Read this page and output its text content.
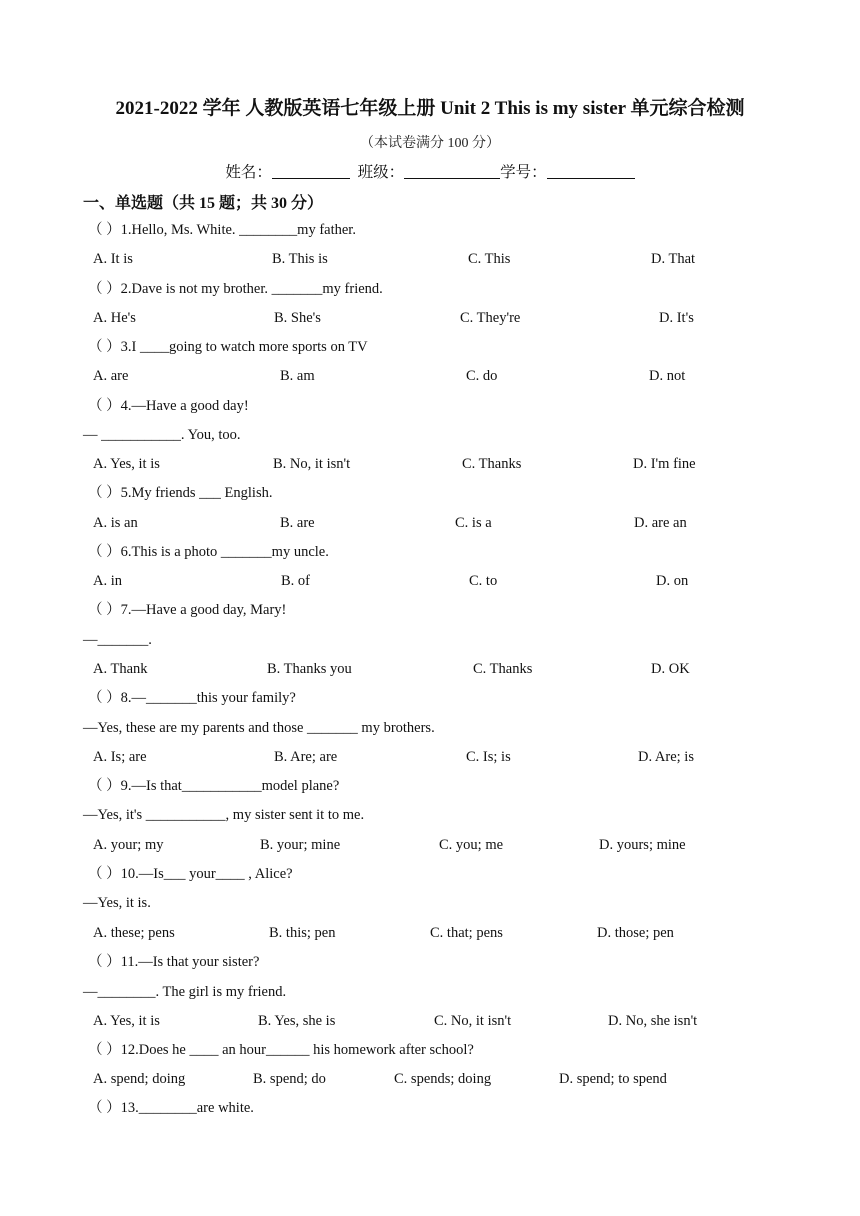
2021-2022 学年 人教版英语七年级上册 Unit 2 This is my sister 单元综合检测
（本试卷满分 100 分）
姓名：	班级：	学号：
一、单选题（共 15 题；共 30 分）
（ ）1.Hello, Ms. White. ________my father.
A. It is	B. This is	C. This	D. That
（ ）2.Dave is not my brother. _______my friend.
A. He's	B. She's	C. They're	D. It's
（ ）3.I ____going to watch more sports on TV
A. are	B. am	C. do	D. not
（ ）4.—Have a good day!
— ___________. You, too.
A. Yes, it is	B. No, it isn't	C. Thanks	D. I'm fine
（ ）5.My friends ___ English.
A. is an	B. are	C. is a	D. are an
（ ）6.This is a photo _______my uncle.
A. in	B. of	C. to	D. on
（ ）7.—Have a good day, Mary!
—_______.
A. Thank	B. Thanks you	C. Thanks	D. OK
（ ）8.—_______this your family?
—Yes, these are my parents and those _______ my brothers.
A. Is; are	B. Are; are	C. Is; is	D. Are; is
（ ）9.—Is that___________model plane?
—Yes, it's ___________, my sister sent it to me.
A. your; my	B. your; mine	C. you; me	D. yours; mine
（ ）10.—Is___ your____ , Alice?
—Yes, it is.
A. these; pens	B. this; pen	C. that; pens	D. those; pen
（ ）11.—Is that your sister?
—________. The girl is my friend.
A. Yes, it is	B. Yes, she is	C. No, it isn't	D. No, she isn't
（ ）12.Does he ____ an hour______ his homework after school?
A. spend; doing	B. spend; do	C. spends; doing	D. spend; to spend
（ ）13.________are white.
